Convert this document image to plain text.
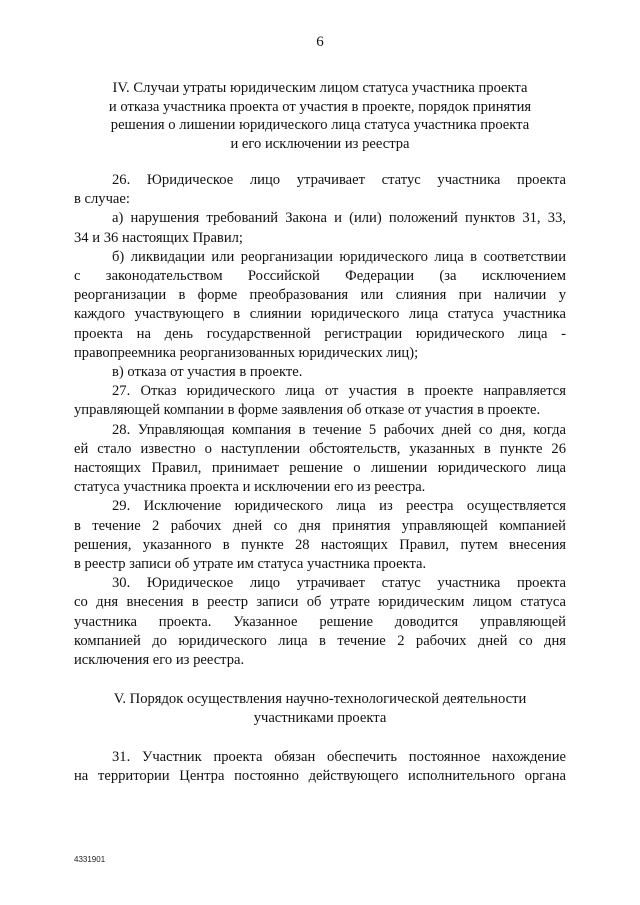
6
IV. Случаи утраты юридическим лицом статуса участника проекта
и отказа участника проекта от участия в проекте, порядок принятия
решения о лишении юридического лица статуса участника проекта
и его исключении из реестра
26. Юридическое лицо утрачивает статус участника проекта
в случае:
а) нарушения требований Закона и (или) положений пунктов 31, 33,
34 и 36 настоящих Правил;
б) ликвидации или реорганизации юридического лица в соответствии
с законодательством Российской Федерации (за исключением
реорганизации в форме преобразования или слияния при наличии у
каждого участвующего в слиянии юридического лица статуса участника
проекта на день государственной регистрации юридического лица -
правопреемника реорганизованных юридических лиц);
в) отказа от участия в проекте.
27. Отказ юридического лица от участия в проекте направляется
управляющей компании в форме заявления об отказе от участия в проекте.
28. Управляющая компания в течение 5 рабочих дней со дня, когда
ей стало известно о наступлении обстоятельств, указанных в пункте 26
настоящих Правил, принимает решение о лишении юридического лица
статуса участника проекта и исключении его из реестра.
29. Исключение юридического лица из реестра осуществляется
в течение 2 рабочих дней со дня принятия управляющей компанией
решения, указанного в пункте 28 настоящих Правил, путем внесения
в реестр записи об утрате им статуса участника проекта.
30. Юридическое лицо утрачивает статус участника проекта
со дня внесения в реестр записи об утрате юридическим лицом статуса
участника проекта. Указанное решение доводится управляющей
компанией до юридического лица в течение 2 рабочих дней со дня
исключения его из реестра.
V. Порядок осуществления научно-технологической деятельности
участниками проекта
31. Участник проекта обязан обеспечить постоянное нахождение
на территории Центра постоянно действующего исполнительного органа
4331901
